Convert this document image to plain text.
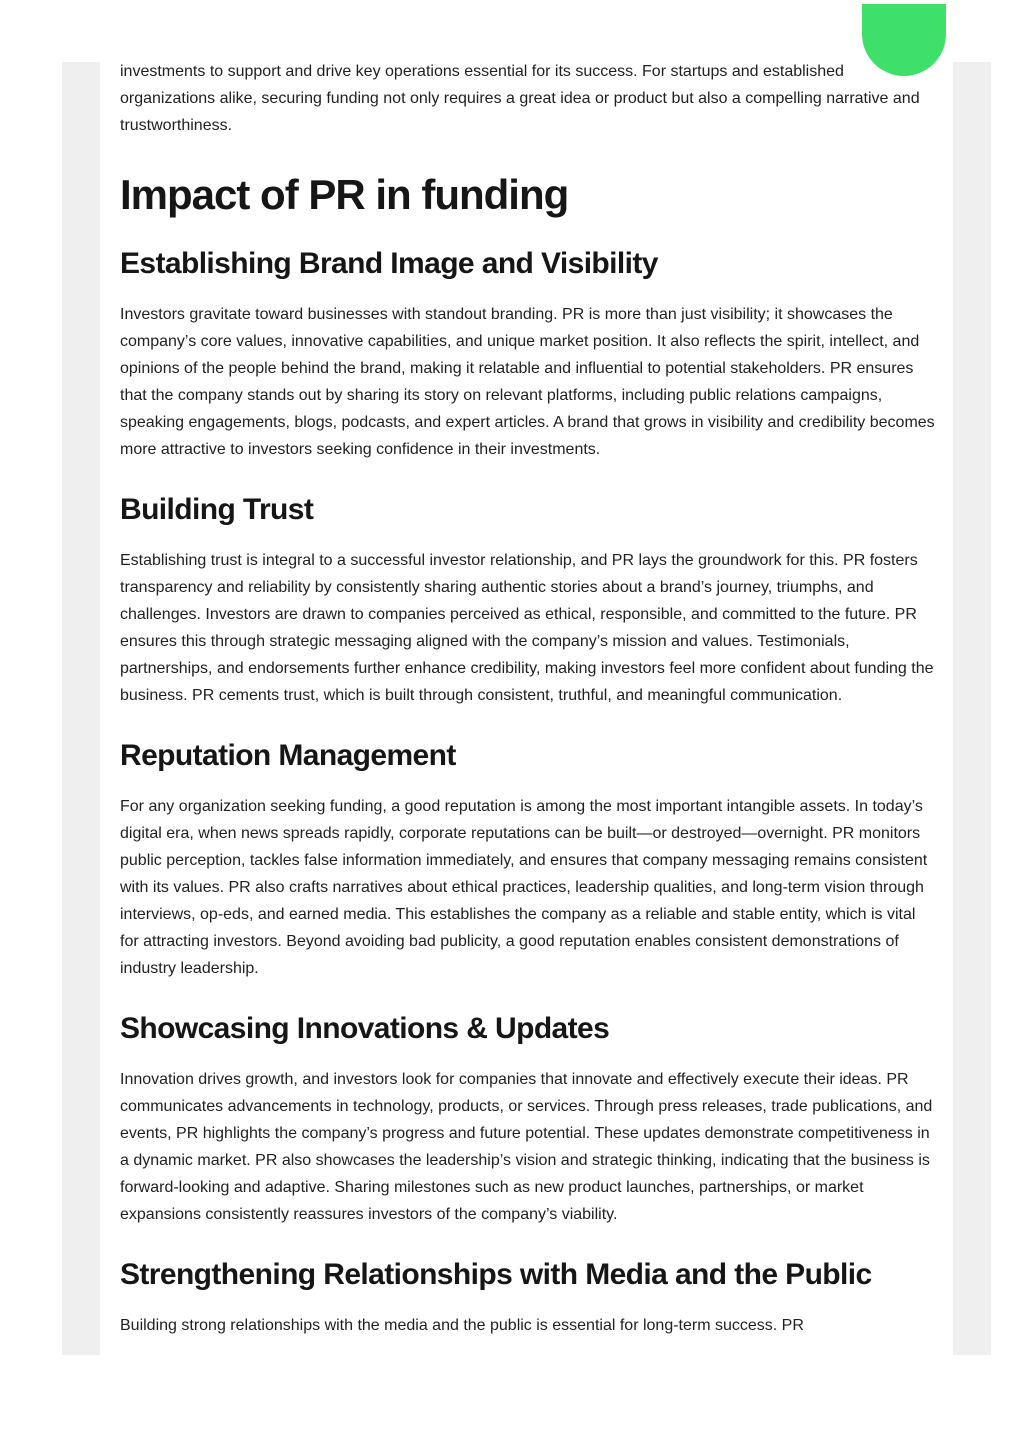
investments to support and drive key operations essential for its success. For startups and established organizations alike, securing funding not only requires a great idea or product but also a compelling narrative and trustworthiness.

Impact of PR in funding
Establishing Brand Image and Visibility

Investors gravitate toward businesses with standout branding. PR is more than just visibility; it showcases the company’s core values, innovative capabilities, and unique market position. It also reflects the spirit, intellect, and opinions of the people behind the brand, making it relatable and influential to potential stakeholders. PR ensures that the company stands out by sharing its story on relevant platforms, including public relations campaigns, speaking engagements, blogs, podcasts, and expert articles. A brand that grows in visibility and credibility becomes more attractive to investors seeking confidence in their investments.

Building Trust

Establishing trust is integral to a successful investor relationship, and PR lays the groundwork for this. PR fosters transparency and reliability by consistently sharing authentic stories about a brand’s journey, triumphs, and challenges. Investors are drawn to companies perceived as ethical, responsible, and committed to the future. PR ensures this through strategic messaging aligned with the company’s mission and values. Testimonials, partnerships, and endorsements further enhance credibility, making investors feel more confident about funding the business. PR cements trust, which is built through consistent, truthful, and meaningful communication.

Reputation Management

For any organization seeking funding, a good reputation is among the most important intangible assets. In today’s digital era, when news spreads rapidly, corporate reputations can be built—or destroyed—overnight. PR monitors public perception, tackles false information immediately, and ensures that company messaging remains consistent with its values. PR also crafts narratives about ethical practices, leadership qualities, and long-term vision through interviews, op-eds, and earned media. This establishes the company as a reliable and stable entity, which is vital for attracting investors. Beyond avoiding bad publicity, a good reputation enables consistent demonstrations of industry leadership.

Showcasing Innovations & Updates

Innovation drives growth, and investors look for companies that innovate and effectively execute their ideas. PR communicates advancements in technology, products, or services. Through press releases, trade publications, and events, PR highlights the company’s progress and future potential. These updates demonstrate competitiveness in a dynamic market. PR also showcases the leadership’s vision and strategic thinking, indicating that the business is forward-looking and adaptive. Sharing milestones such as new product launches, partnerships, or market expansions consistently reassures investors of the company’s viability.

Strengthening Relationships with Media and the Public

Building strong relationships with the media and the public is essential for long-term success. PR
